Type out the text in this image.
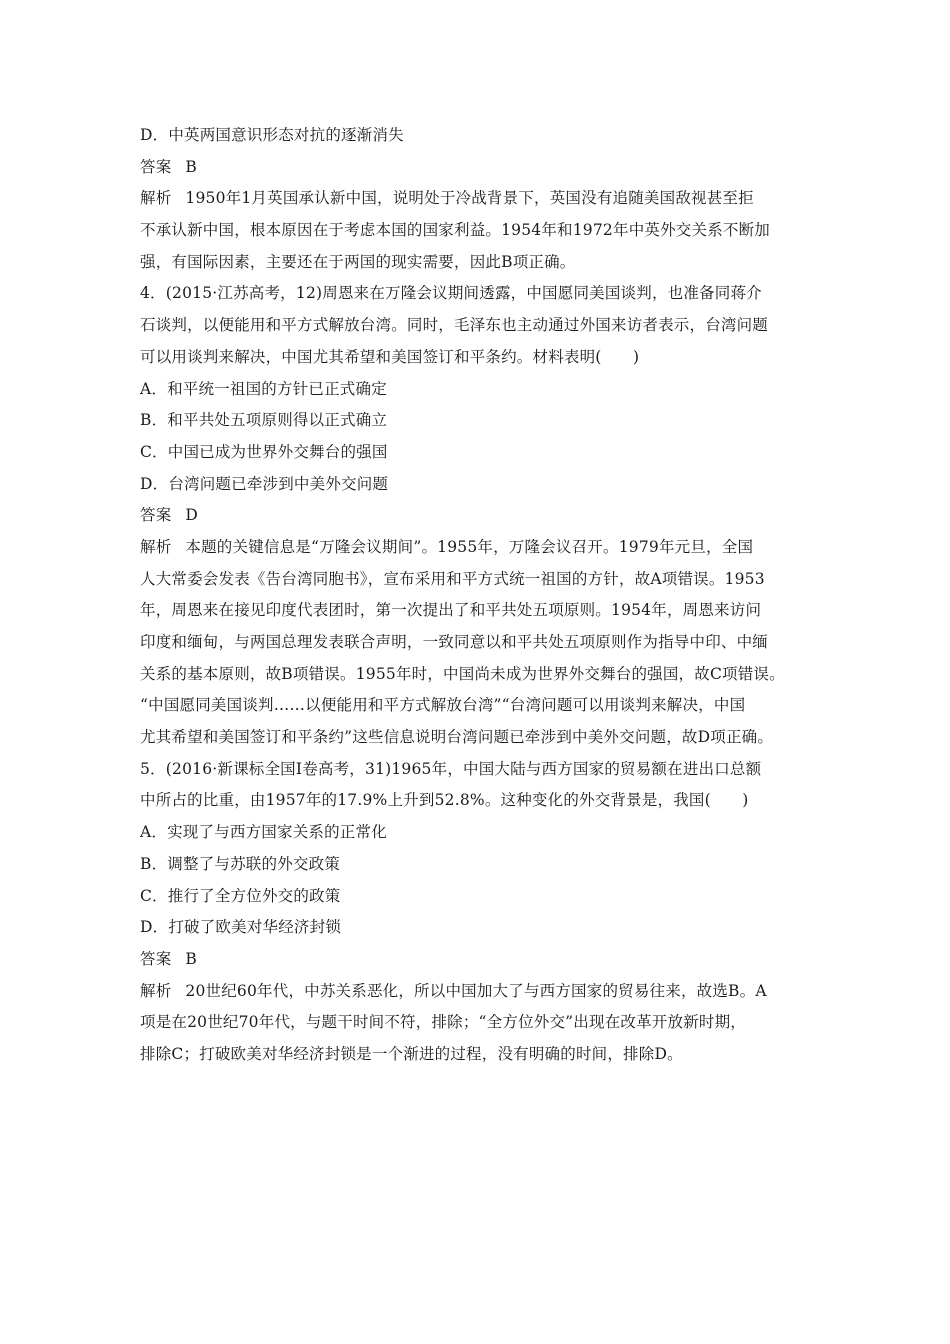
D．中英两国意识形态对抗的逐渐消失
答案 B
解析 1950年1月英国承认新中国，说明处于冷战背景下，英国没有追随美国敌视甚至拒
不承认新中国，根本原因在于考虑本国的国家利益。1954年和1972年中英外交关系不断加
强，有国际因素，主要还在于两国的现实需要，因此B项正确。
4．(2015·江苏高考，12)周恩来在万隆会议期间透露，中国愿同美国谈判，也准备同蒋介
石谈判，以便能用和平方式解放台湾。同时，毛泽东也主动通过外国来访者表示，台湾问题
可以用谈判来解决，中国尤其希望和美国签订和平条约。材料表明(　　)
A．和平统一祖国的方针已正式确定
B．和平共处五项原则得以正式确立
C．中国已成为世界外交舞台的强国
D．台湾问题已牵涉到中美外交问题
答案 D
解析 本题的关键信息是“万隆会议期间”。1955年，万隆会议召开。1979年元旦，全国
人大常委会发表《告台湾同胞书》，宣布采用和平方式统一祖国的方针，故A项错误。1953
年，周恩来在接见印度代表团时，第一次提出了和平共处五项原则。1954年，周恩来访问
印度和缅甸，与两国总理发表联合声明，一致同意以和平共处五项原则作为指导中印、中缅
关系的基本原则，故B项错误。1955年时，中国尚未成为世界外交舞台的强国，故C项错误。
“中国愿同美国谈判……以便能用和平方式解放台湾”“台湾问题可以用谈判来解决，中国
尤其希望和美国签订和平条约”这些信息说明台湾问题已牵涉到中美外交问题，故D项正确。
5．(2016·新课标全国Ⅰ卷高考，31)1965年，中国大陆与西方国家的贸易额在进出口总额
中所占的比重，由1957年的17.9%上升到52.8%。这种变化的外交背景是，我国(　　)
A．实现了与西方国家关系的正常化
B．调整了与苏联的外交政策
C．推行了全方位外交的政策
D．打破了欧美对华经济封锁
答案 B
解析 20世纪60年代，中苏关系恶化，所以中国加大了与西方国家的贸易往来，故选B。A
项是在20世纪70年代，与题干时间不符，排除；“全方位外交”出现在改革开放新时期，
排除C；打破欧美对华经济封锁是一个渐进的过程，没有明确的时间，排除D。
